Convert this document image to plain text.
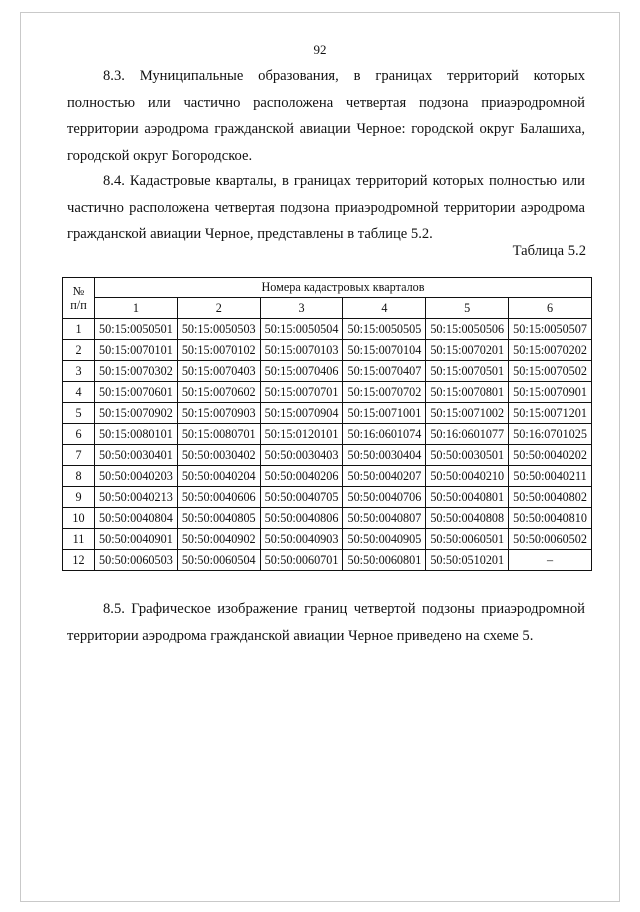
92

8.3. Муниципальные образования, в границах территорий которых полностью или частично расположена четвертая подзона приаэродромной территории аэродрома гражданской авиации Черное: городской округ Балашиха, городской округ Богородское.

8.4. Кадастровые кварталы, в границах территорий которых полностью или частично расположена четвертая подзона приаэродромной территории аэродрома гражданской авиации Черное, представлены в таблице 5.2.

Таблица 5.2
№
п/п	Номера кадастровых кварталов					
	1	2	3	4	5	6
1	50:15:0050501	50:15:0050503	50:15:0050504	50:15:0050505	50:15:0050506	50:15:0050507
2	50:15:0070101	50:15:0070102	50:15:0070103	50:15:0070104	50:15:0070201	50:15:0070202
3	50:15:0070302	50:15:0070403	50:15:0070406	50:15:0070407	50:15:0070501	50:15:0070502
4	50:15:0070601	50:15:0070602	50:15:0070701	50:15:0070702	50:15:0070801	50:15:0070901
5	50:15:0070902	50:15:0070903	50:15:0070904	50:15:0071001	50:15:0071002	50:15:0071201
6	50:15:0080101	50:15:0080701	50:15:0120101	50:16:0601074	50:16:0601077	50:16:0701025
7	50:50:0030401	50:50:0030402	50:50:0030403	50:50:0030404	50:50:0030501	50:50:0040202
8	50:50:0040203	50:50:0040204	50:50:0040206	50:50:0040207	50:50:0040210	50:50:0040211
9	50:50:0040213	50:50:0040606	50:50:0040705	50:50:0040706	50:50:0040801	50:50:0040802
10	50:50:0040804	50:50:0040805	50:50:0040806	50:50:0040807	50:50:0040808	50:50:0040810
11	50:50:0040901	50:50:0040902	50:50:0040903	50:50:0040905	50:50:0060501	50:50:0060502
12	50:50:0060503	50:50:0060504	50:50:0060701	50:50:0060801	50:50:0510201	–

8.5. Графическое изображение границ четвертой подзоны приаэродромной территории аэродрома гражданской авиации Черное приведено на схеме 5.
